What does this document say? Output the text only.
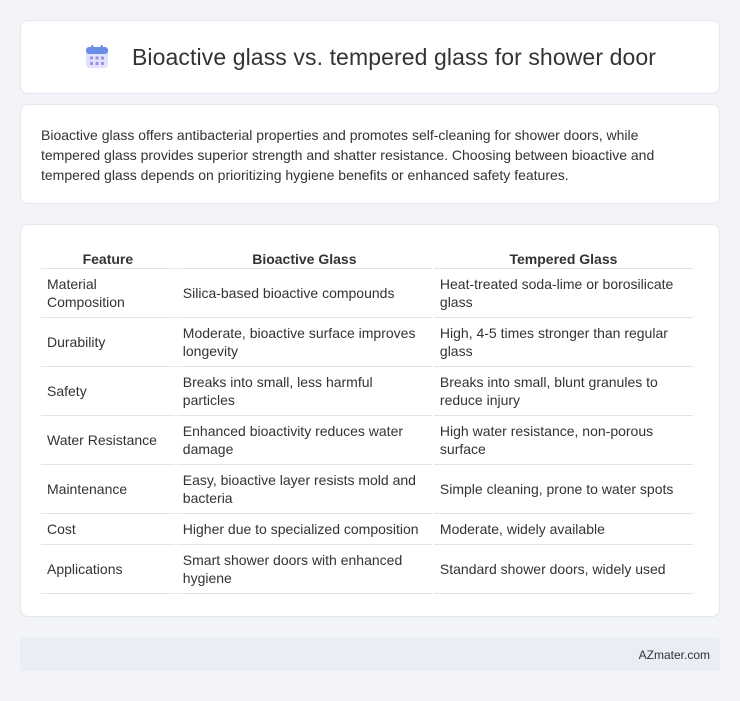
Bioactive glass vs. tempered glass for shower door

Bioactive glass offers antibacterial properties and promotes self-cleaning for shower doors, while tempered glass provides superior strength and shatter resistance. Choosing between bioactive and tempered glass depends on prioritizing hygiene benefits or enhanced safety features.

Feature	Bioactive Glass	Tempered Glass
Material Composition	Silica-based bioactive compounds	Heat-treated soda-lime or borosilicate glass
Durability	Moderate, bioactive surface improves longevity	High, 4-5 times stronger than regular glass
Safety	Breaks into small, less harmful particles	Breaks into small, blunt granules to reduce injury
Water Resistance	Enhanced bioactivity reduces water damage	High water resistance, non-porous surface
Maintenance	Easy, bioactive layer resists mold and bacteria	Simple cleaning, prone to water spots
Cost	Higher due to specialized composition	Moderate, widely available
Applications	Smart shower doors with enhanced hygiene	Standard shower doors, widely used
AZmater.com
